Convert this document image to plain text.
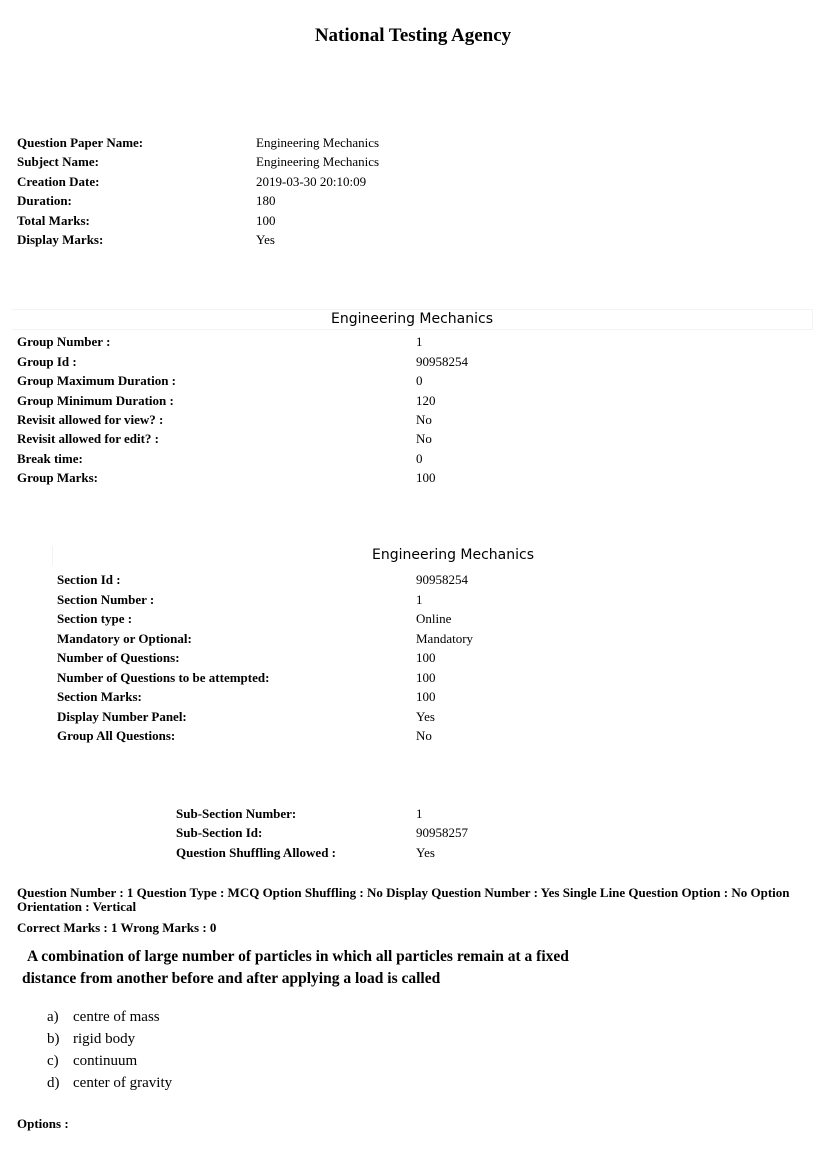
National Testing Agency
Question Paper Name:	Engineering Mechanics
Subject Name:	Engineering Mechanics
Creation Date:	2019-03-30 20:10:09
Duration:	180
Total Marks:	100
Display Marks:	Yes
Engineering Mechanics
Group Number :	1
Group Id :	90958254
Group Maximum Duration :	0
Group Minimum Duration :	120
Revisit allowed for view? :	No
Revisit allowed for edit? :	No
Break time:	0
Group Marks:	100
Engineering Mechanics
Section Id :	90958254
Section Number :	1
Section type :	Online
Mandatory or Optional:	Mandatory
Number of Questions:	100
Number of Questions to be attempted:	100
Section Marks:	100
Display Number Panel:	Yes
Group All Questions:	No
Sub-Section Number:	1
Sub-Section Id:	90958257
Question Shuffling Allowed :	Yes
Question Number : 1 Question Type : MCQ Option Shuffling : No Display Question Number : Yes Single Line Question Option : No Option Orientation : Vertical
Correct Marks : 1 Wrong Marks : 0
A combination of large number of particles in which all particles remain at a fixed
distance from another before and after applying a load is called
a) centre of mass
b) rigid body
c) continuum
d) center of gravity
Options :
